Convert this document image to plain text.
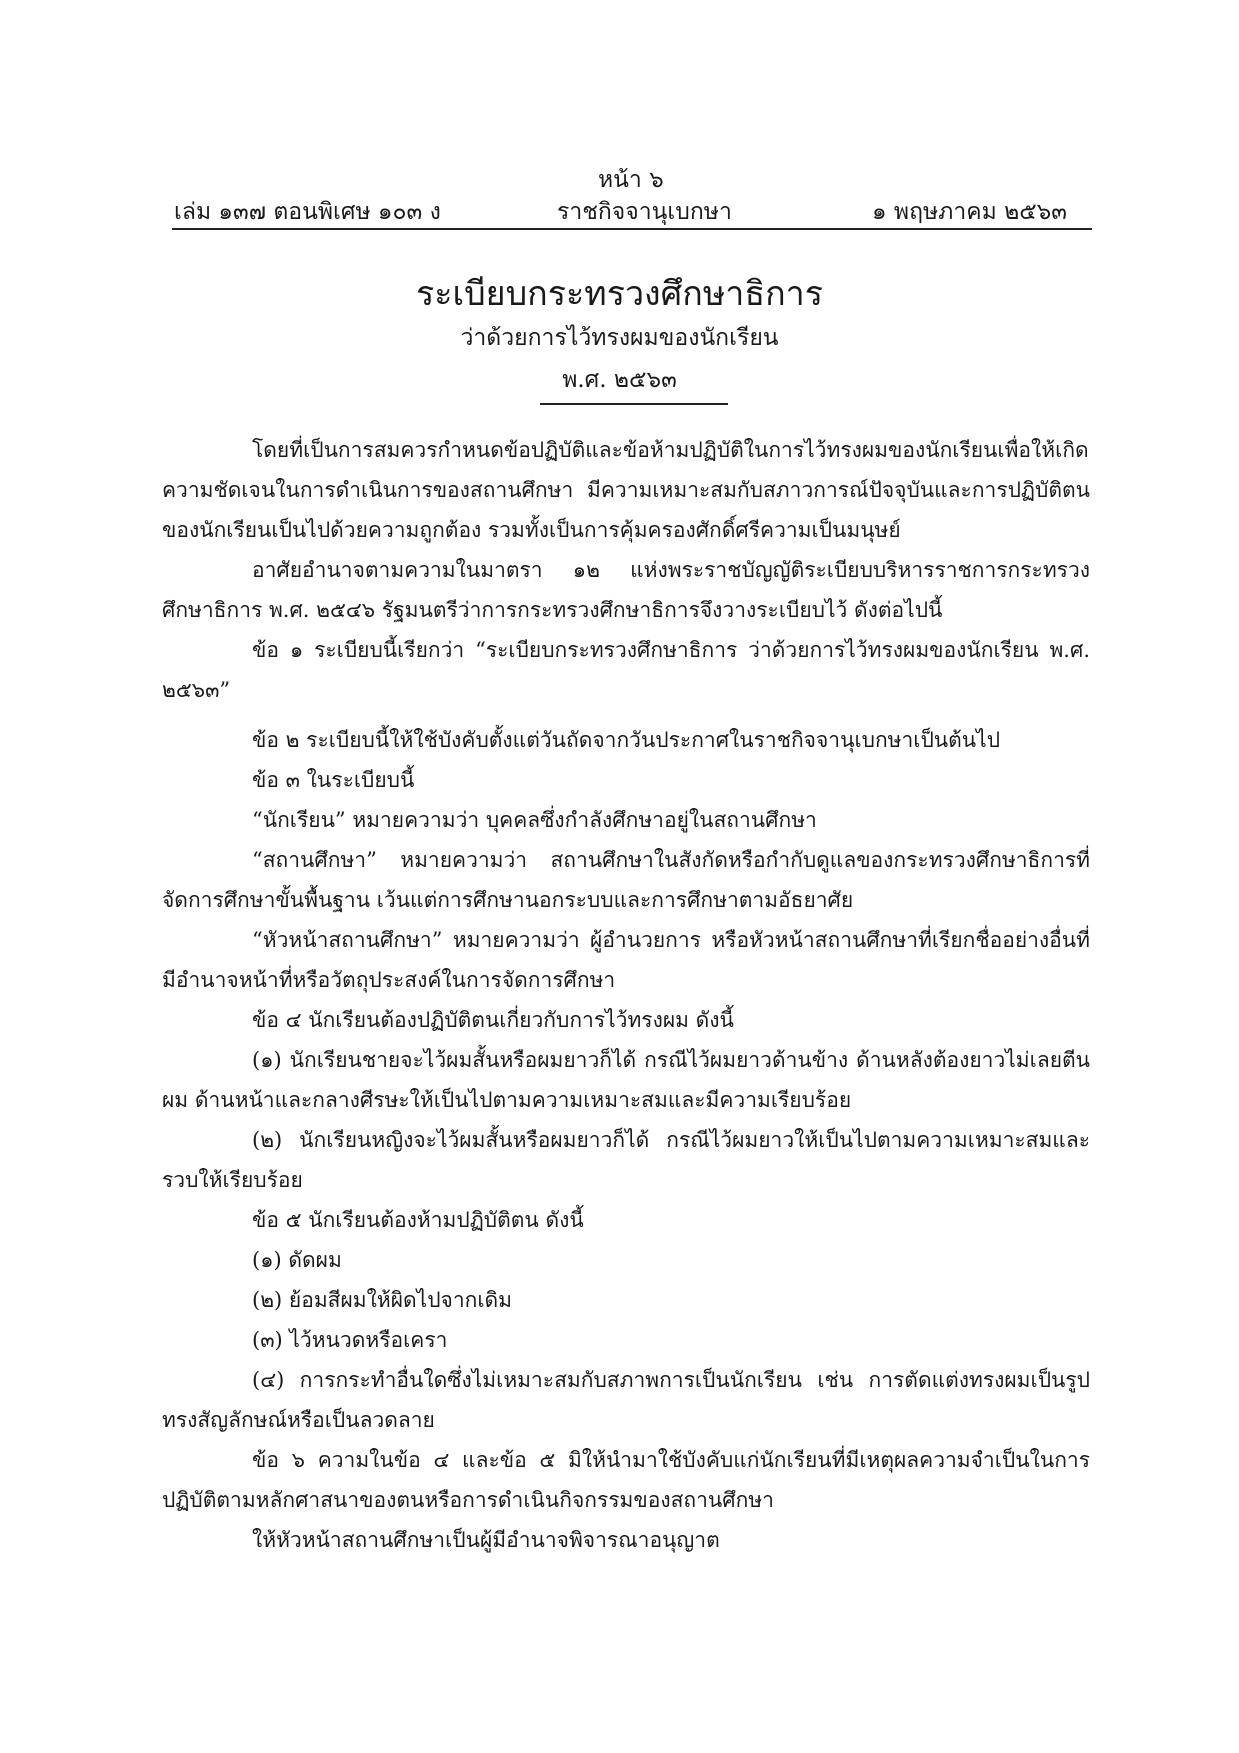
หน้า ๖
เล่ม ๑๓๗ ตอนพิเศษ ๑๐๓ ง	ราชกิจจานุเบกษา	๑ พฤษภาคม ๒๕๖๓
ระเบียบกระทรวงศึกษาธิการ
ว่าด้วยการไว้ทรงผมของนักเรียน
พ.ศ. ๒๕๖๓

โดยที่เป็นการสมควรกำหนดข้อปฏิบัติและข้อห้ามปฏิบัติในการไว้ทรงผมของนักเรียนเพื่อให้เกิดความชัดเจนในการดำเนินการของสถานศึกษา มีความเหมาะสมกับสภาวการณ์ปัจจุบันและการปฏิบัติตนของนักเรียนเป็นไปด้วยความถูกต้อง รวมทั้งเป็นการคุ้มครองศักดิ์ศรีความเป็นมนุษย์

อาศัยอำนาจตามความในมาตรา ๑๒ แห่งพระราชบัญญัติระเบียบบริหารราชการกระทรวงศึกษาธิการ พ.ศ. ๒๕๔๖ รัฐมนตรีว่าการกระทรวงศึกษาธิการจึงวางระเบียบไว้ ดังต่อไปนี้

ข้อ ๑ ระเบียบนี้เรียกว่า “ระเบียบกระทรวงศึกษาธิการ ว่าด้วยการไว้ทรงผมของนักเรียน พ.ศ. ๒๕๖๓”

ข้อ ๒ ระเบียบนี้ให้ใช้บังคับตั้งแต่วันถัดจากวันประกาศในราชกิจจานุเบกษาเป็นต้นไป

ข้อ ๓ ในระเบียบนี้

“นักเรียน” หมายความว่า บุคคลซึ่งกำลังศึกษาอยู่ในสถานศึกษา

“สถานศึกษา” หมายความว่า สถานศึกษาในสังกัดหรือกำกับดูแลของกระทรวงศึกษาธิการที่จัดการศึกษาขั้นพื้นฐาน เว้นแต่การศึกษานอกระบบและการศึกษาตามอัธยาศัย

“หัวหน้าสถานศึกษา” หมายความว่า ผู้อำนวยการ หรือหัวหน้าสถานศึกษาที่เรียกชื่ออย่างอื่นที่มีอำนาจหน้าที่หรือวัตถุประสงค์ในการจัดการศึกษา

ข้อ ๔ นักเรียนต้องปฏิบัติตนเกี่ยวกับการไว้ทรงผม ดังนี้

(๑) นักเรียนชายจะไว้ผมสั้นหรือผมยาวก็ได้ กรณีไว้ผมยาวด้านข้าง ด้านหลังต้องยาวไม่เลยตีนผม ด้านหน้าและกลางศีรษะให้เป็นไปตามความเหมาะสมและมีความเรียบร้อย

(๒) นักเรียนหญิงจะไว้ผมสั้นหรือผมยาวก็ได้ กรณีไว้ผมยาวให้เป็นไปตามความเหมาะสมและรวบให้เรียบร้อย

ข้อ ๕ นักเรียนต้องห้ามปฏิบัติตน ดังนี้

(๑) ดัดผม

(๒) ย้อมสีผมให้ผิดไปจากเดิม

(๓) ไว้หนวดหรือเครา

(๔) การกระทำอื่นใดซึ่งไม่เหมาะสมกับสภาพการเป็นนักเรียน เช่น การตัดแต่งทรงผมเป็นรูปทรงสัญลักษณ์หรือเป็นลวดลาย

ข้อ ๖ ความในข้อ ๔ และข้อ ๕ มิให้นำมาใช้บังคับแก่นักเรียนที่มีเหตุผลความจำเป็นในการปฏิบัติตามหลักศาสนาของตนหรือการดำเนินกิจกรรมของสถานศึกษา

ให้หัวหน้าสถานศึกษาเป็นผู้มีอำนาจพิจารณาอนุญาต
